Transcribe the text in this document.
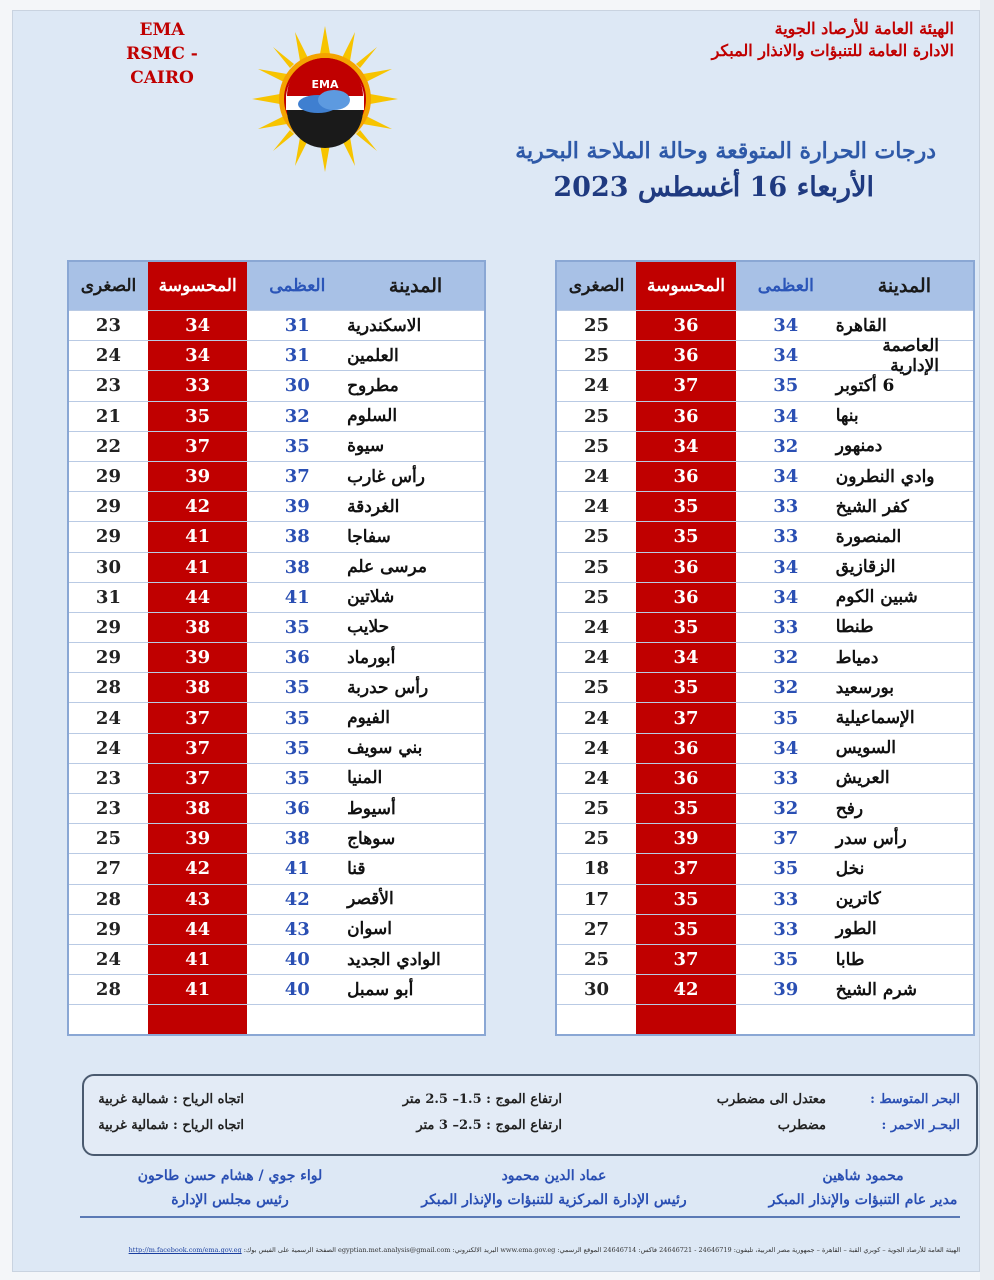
الهيئة العامة للأرصاد الجوية
الادارة العامة للتنبؤات والانذار المبكر
EMA
RSMC - CAIRO	EMA
درجات الحرارة المتوقعة وحالة الملاحة البحرية
الأربعاء 16 أغسطس 2023
المدينة
العظمى
المحسوسة
الصغرى
القاهرة
34
36
25
العاصمة الإدارية
34
36
25
6 أكتوبر
35
37
24
بنها
34
36
25
دمنهور
32
34
25
وادي النطرون
34
36
24
كفر الشيخ
33
35
24
المنصورة
33
35
25
الزقازيق
34
36
25
شبين الكوم
34
36
25
طنطا
33
35
24
دمياط
32
34
24
بورسعيد
32
35
25
الإسماعيلية
35
37
24
السويس
34
36
24
العريش
33
36
24
رفح
32
35
25
رأس سدر
37
39
25
نخل
35
37
18
كاترين
33
35
17
الطور
33
35
27
طابا
35
37
25
شرم الشيخ
39
42
30
المدينة
العظمى
المحسوسة
الصغرى
الاسكندرية
31
34
23
العلمين
31
34
24
مطروح
30
33
23
السلوم
32
35
21
سيوة
35
37
22
رأس غارب
37
39
29
الغردقة
39
42
29
سفاجا
38
41
29
مرسى علم
38
41
30
شلاتين
41
44
31
حلايب
35
38
29
أبورماد
36
39
29
رأس حدربة
35
38
28
الفيوم
35
37
24
بني سويف
35
37
24
المنيا
35
37
23
أسيوط
36
38
23
سوهاج
38
39
25
قنا
41
42
27
الأقصر
42
43
28
اسوان
43
44
29
الوادي الجديد
40
41
24
أبو سمبل
40
41
28
البحر المتوسط :
معتدل الى مضطرب
ارتفاع الموج : 1.5– 2.5 متر
اتجاه الرياح : شمالية غربية
البحـر الاحمر :
مضطرب
ارتفاع الموج : 2.5– 3 متر
اتجاه الرياح : شمالية غربية
محمود شاهين
مدير عام التنبؤات والإنذار المبكر
عماد الدين محمود
رئيس الإدارة المركزية للتنبؤات والإنذار المبكر
لواء جوي / هشام حسن طاحون
رئيس مجلس الإدارة
الهيئة العامة للأرصاد الجوية – كوبري القبة – القاهرة – جمهورية مصر العربية، تليفون: 24646719 - 24646721 فاكس: 24646714 الموقع الرسمي: www.ema.gov.eg البريد الالكتروني: egyptian.met.analysis@gmail.com الصفحة الرسمية على الفيس بوك: http://m.facebook.com/ema.gov.eg
